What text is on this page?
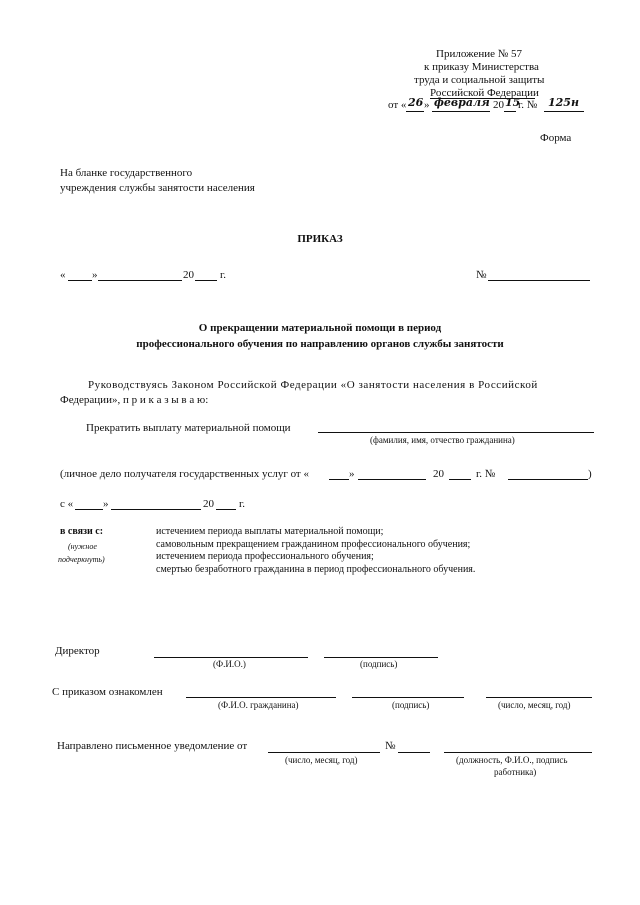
Приложение № 57
к приказу Министерства
труда и социальной защиты
Российской Федерации
от « 26 » февраля 20 15
г. № 125н
Форма
На бланке государственного
учреждения службы занятости населения
ПРИКАЗ
« »	20 г.	№
О прекращении материальной помощи в период
профессионального обучения по направлению органов службы занятости
Руководствуясь Законом Российской Федерации «О занятости населения в Российской
Федерации», п р и к а з ы в а ю:
Прекратить выплату материальной помощи
(фамилия, имя, отчество гражданина)
(личное дело получателя государственных услуг от «	»	20	г. №	)
с «	»	20 г.
в связи с:
(нужное
подчеркнуть)
истечением периода выплаты материальной помощи;
самовольным прекращением гражданином профессионального обучения;
истечением периода профессионального обучения;
смертью безработного гражданина в период профессионального обучения.
Директор
(Ф.И.О.)	(подпись)
С приказом ознакомлен
(Ф.И.О. гражданина)	(подпись)	(число, месяц, год)
Направлено письменное уведомление от
(число, месяц, год)
№
(должность, Ф.И.О., подпись
работника)
